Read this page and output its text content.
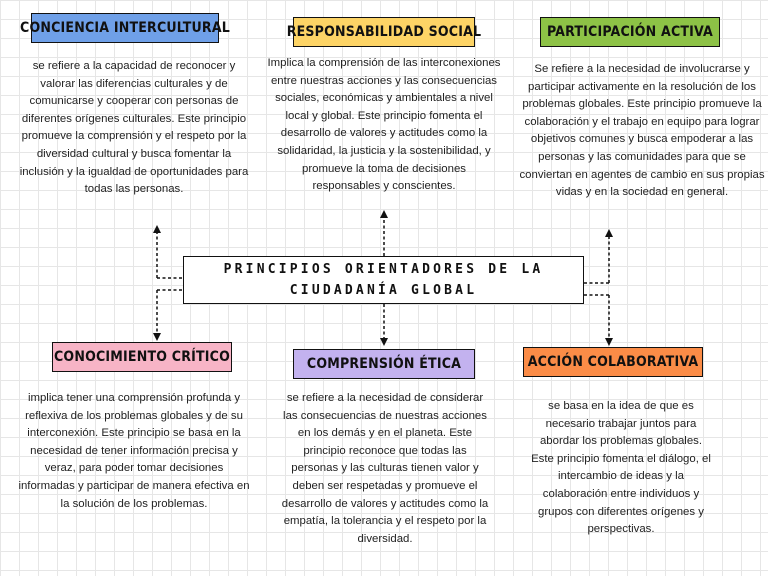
PRINCIPIOS ORIENTADORES DE LA CIUDADANÍA GLOBAL
CONCIENCIA INTERCULTURAL
se refiere a la capacidad de reconocer y valorar las diferencias culturales y de comunicarse y cooperar con personas de diferentes orígenes culturales. Este principio promueve la comprensión y el respeto por la diversidad cultural y busca fomentar la inclusión y la igualdad de oportunidades para todas las personas.
RESPONSABILIDAD SOCIAL
Implica la comprensión de las interconexiones entre nuestras acciones y las consecuencias sociales, económicas y ambientales a nivel local y global. Este principio fomenta el desarrollo de valores y actitudes como la solidaridad, la justicia y la sostenibilidad, y promueve la toma de decisiones responsables y conscientes.
PARTICIPACIÓN ACTIVA
Se refiere a la necesidad de involucrarse y participar activamente en la resolución de los problemas globales. Este principio promueve la colaboración y el trabajo en equipo para lograr objetivos comunes y busca empoderar a las personas y las comunidades para que se conviertan en agentes de cambio en sus propias vidas y en la sociedad en general.
CONOCIMIENTO CRÍTICO
implica tener una comprensión profunda y reflexiva de los problemas globales y de su interconexión. Este principio se basa en la necesidad de tener información precisa y veraz, para poder tomar decisiones informadas y participar de manera efectiva en la solución de los problemas.
COMPRENSIÓN ÉTICA
se refiere a la necesidad de considerar las consecuencias de nuestras acciones en los demás y en el planeta. Este principio reconoce que todas las personas y las culturas tienen valor y deben ser respetadas y promueve el desarrollo de valores y actitudes como la empatía, la tolerancia y el respeto por la diversidad.
ACCIÓN COLABORATIVA
se basa en la idea de que es necesario trabajar juntos para abordar los problemas globales. Este principio fomenta el diálogo, el intercambio de ideas y la colaboración entre individuos y grupos con diferentes orígenes y perspectivas.
